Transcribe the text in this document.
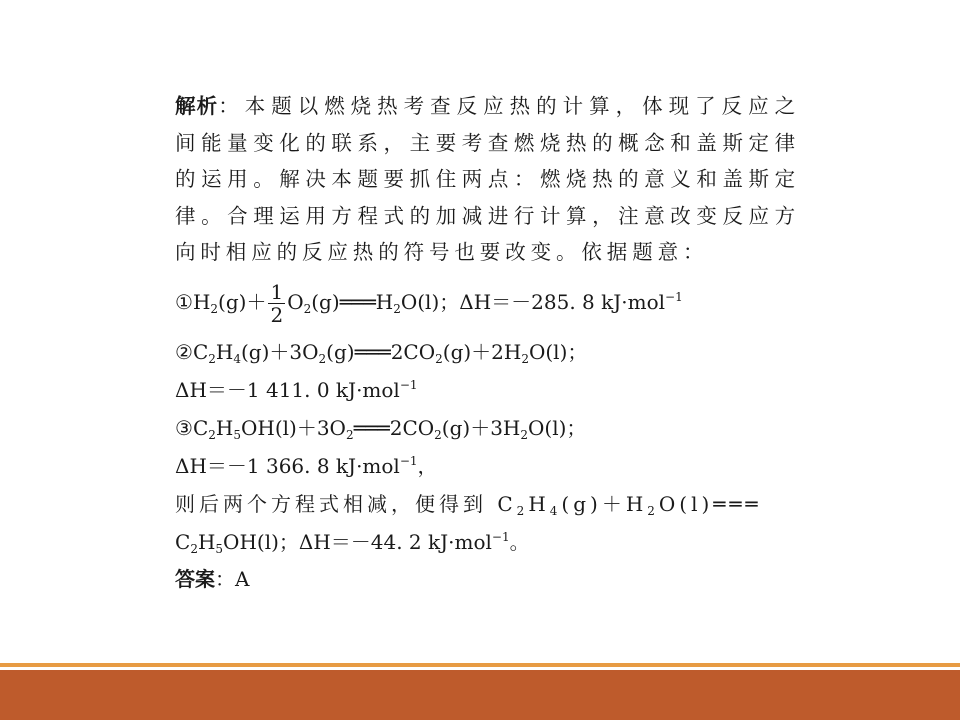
解析：本题以燃烧热考查反应热的计算，体现了反应之间能量变化的联系，主要考查燃烧热的概念和盖斯定律的运用。解决本题要抓住两点：燃烧热的意义和盖斯定律。合理运用方程式的加减进行计算，注意改变反应方向时相应的反应热的符号也要改变。依据题意：

$①H_2(g)+ \frac{1}{2}$ $O_2(g)═══H_2O(l)$；ΔH＝－285. 8 kJ·mol$^{-1}$
$②C_2H_4(g)+3O_2(g)═══2CO_2(g)+2H_2O(l)$；
ΔH＝－1 411. 0 kJ·mol$^{-1}$
$③C_2H_5OH(l)+3O_2═══2CO_2(g)+3H_2O(l)$；
ΔH＝－1 366. 8 kJ·mol$^{-1}$，
则后两个方程式相减，便得到 $C_2H_4(g)+H_2O(l)═══$
$C_2H_5OH(l)$；ΔH＝－44. 2 kJ·mol$^{-1}$。
答案：A
